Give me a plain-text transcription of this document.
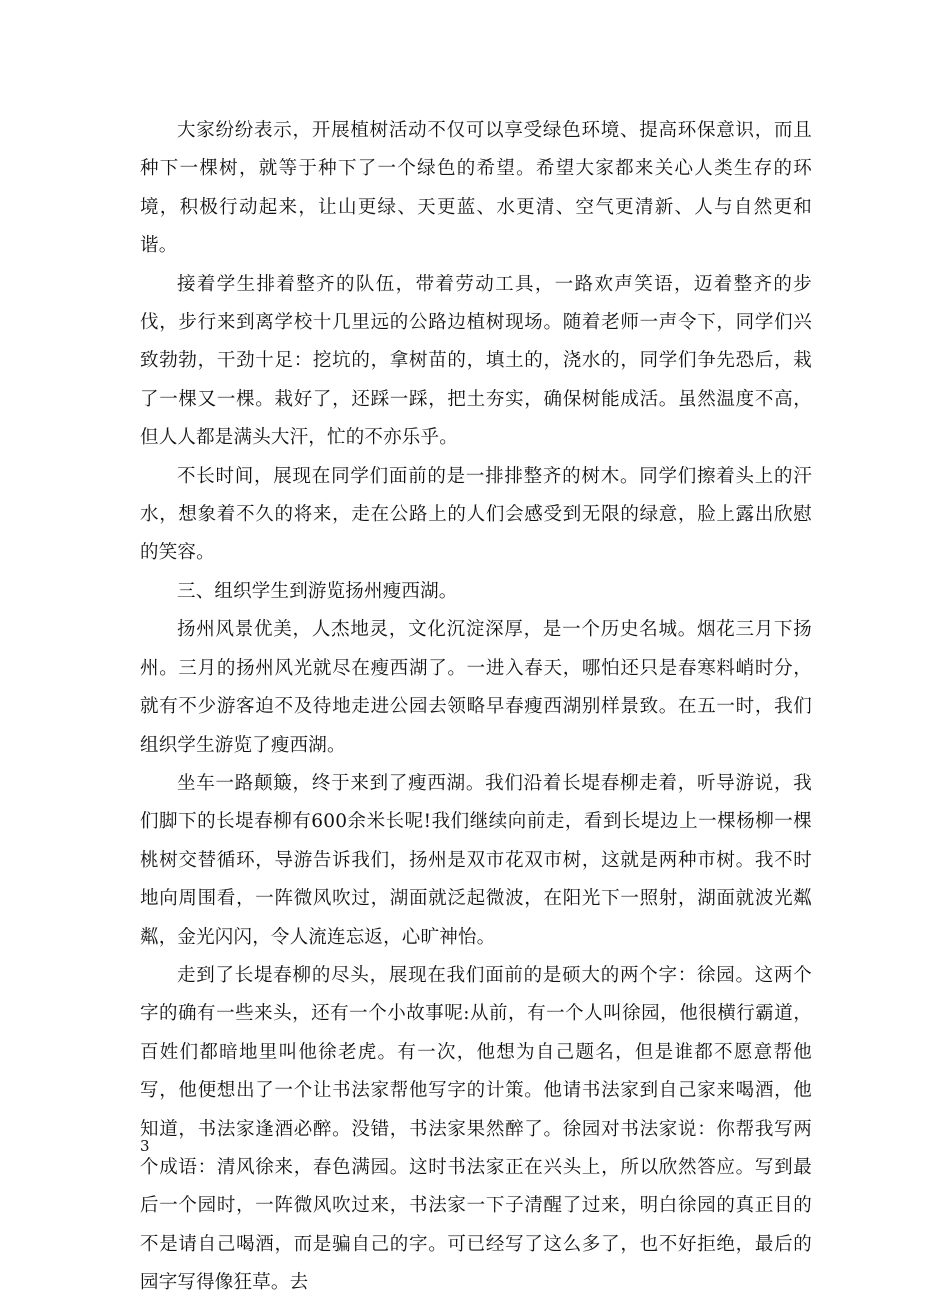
大家纷纷表示，开展植树活动不仅可以享受绿色环境、提高环保意识，而且种下一棵树，就等于种下了一个绿色的希望。希望大家都来关心人类生存的环境，积极行动起来，让山更绿、天更蓝、水更清、空气更清新、人与自然更和谐。

接着学生排着整齐的队伍，带着劳动工具，一路欢声笑语，迈着整齐的步伐，步行来到离学校十几里远的公路边植树现场。随着老师一声令下，同学们兴致勃勃，干劲十足：挖坑的，拿树苗的，填土的，浇水的，同学们争先恐后，栽了一棵又一棵。栽好了，还踩一踩，把土夯实，确保树能成活。虽然温度不高，但人人都是满头大汗，忙的不亦乐乎。

不长时间，展现在同学们面前的是一排排整齐的树木。同学们擦着头上的汗水，想象着不久的将来，走在公路上的人们会感受到无限的绿意，脸上露出欣慰的笑容。

三、组织学生到游览扬州瘦西湖。

扬州风景优美，人杰地灵，文化沉淀深厚，是一个历史名城。烟花三月下扬州。三月的扬州风光就尽在瘦西湖了。一进入春天，哪怕还只是春寒料峭时分，就有不少游客迫不及待地走进公园去领略早春瘦西湖别样景致。在五一时，我们组织学生游览了瘦西湖。

坐车一路颠簸，终于来到了瘦西湖。我们沿着长堤春柳走着，听导游说，我们脚下的长堤春柳有600余米长呢!我们继续向前走，看到长堤边上一棵杨柳一棵桃树交替循环，导游告诉我们，扬州是双市花双市树，这就是两种市树。我不时地向周围看，一阵微风吹过，湖面就泛起微波，在阳光下一照射，湖面就波光粼粼，金光闪闪，令人流连忘返，心旷神怡。

走到了长堤春柳的尽头，展现在我们面前的是硕大的两个字：徐园。这两个字的确有一些来头，还有一个小故事呢:从前，有一个人叫徐园，他很横行霸道，百姓们都暗地里叫他徐老虎。有一次，他想为自己题名，但是谁都不愿意帮他写，他便想出了一个让书法家帮他写字的计策。他请书法家到自己家来喝酒，他知道，书法家逢酒必醉。没错，书法家果然醉了。徐园对书法家说：你帮我写两个成语：清风徐来，春色满园。这时书法家正在兴头上，所以欣然答应。写到最后一个园时，一阵微风吹过来，书法家一下子清醒了过来，明白徐园的真正目的不是请自己喝酒，而是骗自己的字。可已经写了这么多了，也不好拒绝，最后的园字写得像狂草。去

3
